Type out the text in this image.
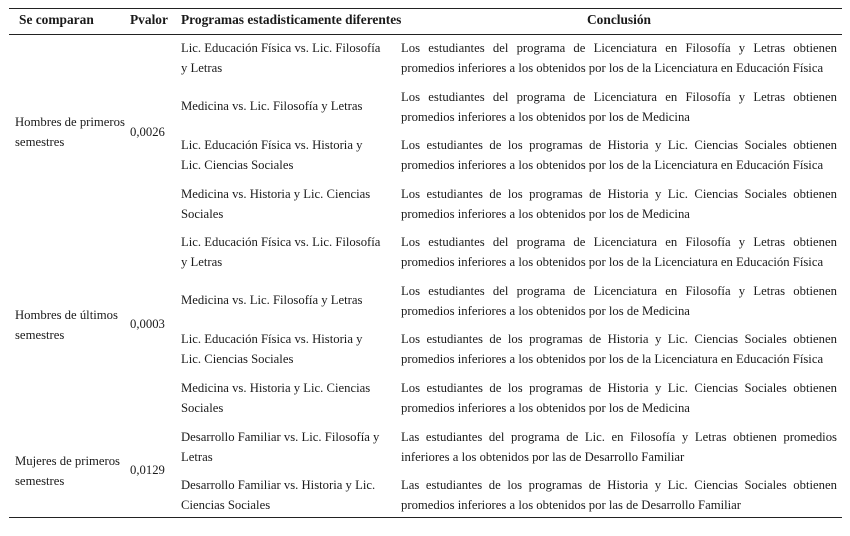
Se comparan	Pvalor Programas estadisticamente diferentes	Conclusión
Hombres de primeros semestres
0,0026
Lic. Educación Física vs. Lic. Filosofía y Letras
Los estudiantes del programa de Licenciatura en Filosofía y Letras obtienen promedios inferiores a los obtenidos por los de la Licenciatura en Educación Física
Medicina vs. Lic. Filosofía y Letras
Los estudiantes del programa de Licenciatura en Filosofía y Letras obtienen promedios inferiores a los obtenidos por los de Medicina
Lic. Educación Física vs. Historia y Lic. Ciencias Sociales
Los estudiantes de los programas de Historia y Lic. Ciencias Sociales obtienen promedios inferiores a los obtenidos por los de la Licenciatura en Educación Física
Medicina vs. Historia y Lic. Ciencias Sociales
Los estudiantes de los programas de Historia y Lic. Ciencias Sociales obtienen promedios inferiores a los obtenidos por los de Medicina
Hombres de últimos semestres
0,0003
Lic. Educación Física vs. Lic. Filosofía y Letras
Los estudiantes del programa de Licenciatura en Filosofía y Letras obtienen promedios inferiores a los obtenidos por los de la Licenciatura en Educación Física
Medicina vs. Lic. Filosofía y Letras
Los estudiantes del programa de Licenciatura en Filosofía y Letras obtienen promedios inferiores a los obtenidos por los de Medicina
Lic. Educación Física vs. Historia y Lic. Ciencias Sociales
Los estudiantes de los programas de Historia y Lic. Ciencias Sociales obtienen promedios inferiores a los obtenidos por los de la Licenciatura en Educación Física
Medicina vs. Historia y Lic. Ciencias Sociales
Los estudiantes de los programas de Historia y Lic. Ciencias Sociales obtienen promedios inferiores a los obtenidos por los de Medicina
Mujeres de primeros semestres
0,0129
Desarrollo Familiar vs. Lic. Filosofía y Letras
Las estudiantes del programa de Lic. en Filosofía y Letras obtienen promedios inferiores a los obtenidos por las de Desarrollo Familiar
Desarrollo Familiar vs. Historia y Lic. Ciencias Sociales
Las estudiantes de los programas de Historia y Lic. Ciencias Sociales obtienen promedios inferiores a los obtenidos por las de Desarrollo Familiar
